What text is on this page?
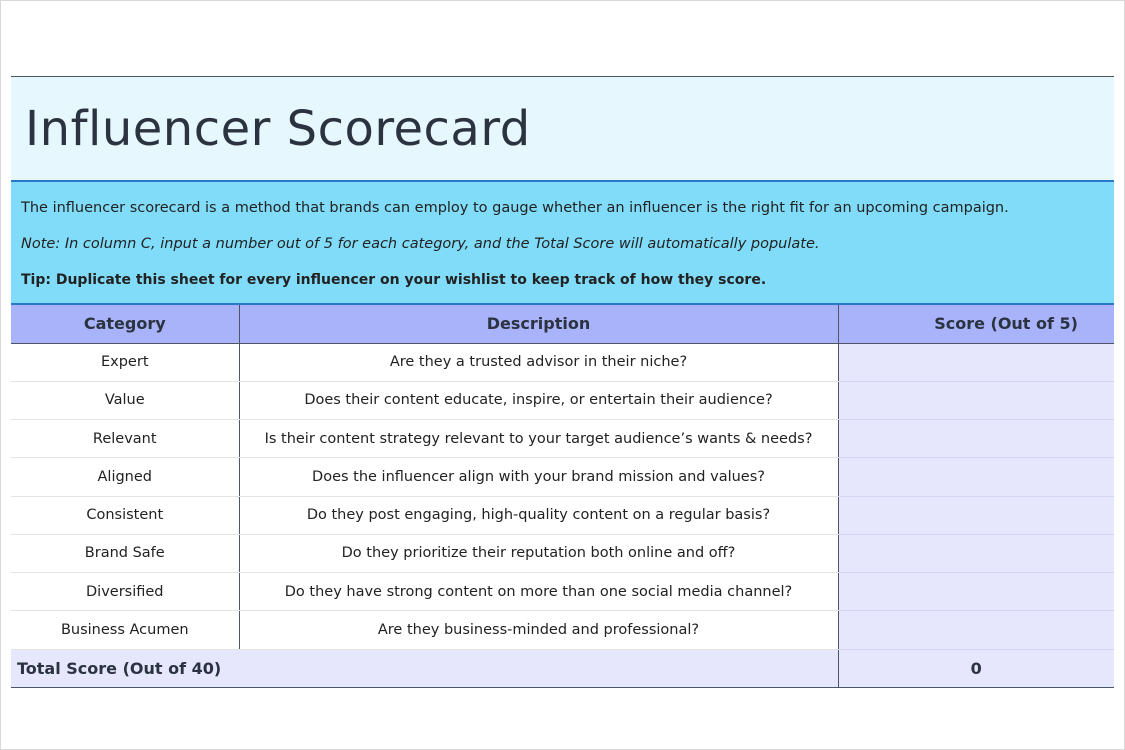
Influencer Scorecard

The influencer scorecard is a method that brands can employ to gauge whether an influencer is the right fit for an upcoming campaign.

Note: In column C, input a number out of 5 for each category, and the Total Score will automatically populate.

Tip: Duplicate this sheet for every influencer on your wishlist to keep track of how they score.

Category	Description	Score (Out of 5)
Expert	Are they a trusted advisor in their niche?	
Value	Does their content educate, inspire, or entertain their audience?	
Relevant	Is their content strategy relevant to your target audience’s wants & needs?	
Aligned	Does the influencer align with your brand mission and values?	
Consistent	Do they post engaging, high-quality content on a regular basis?	
Brand Safe	Do they prioritize their reputation both online and off?	
Diversified	Do they have strong content on more than one social media channel?	
Business Acumen	Are they business-minded and professional?	
Total Score (Out of 40)		0
